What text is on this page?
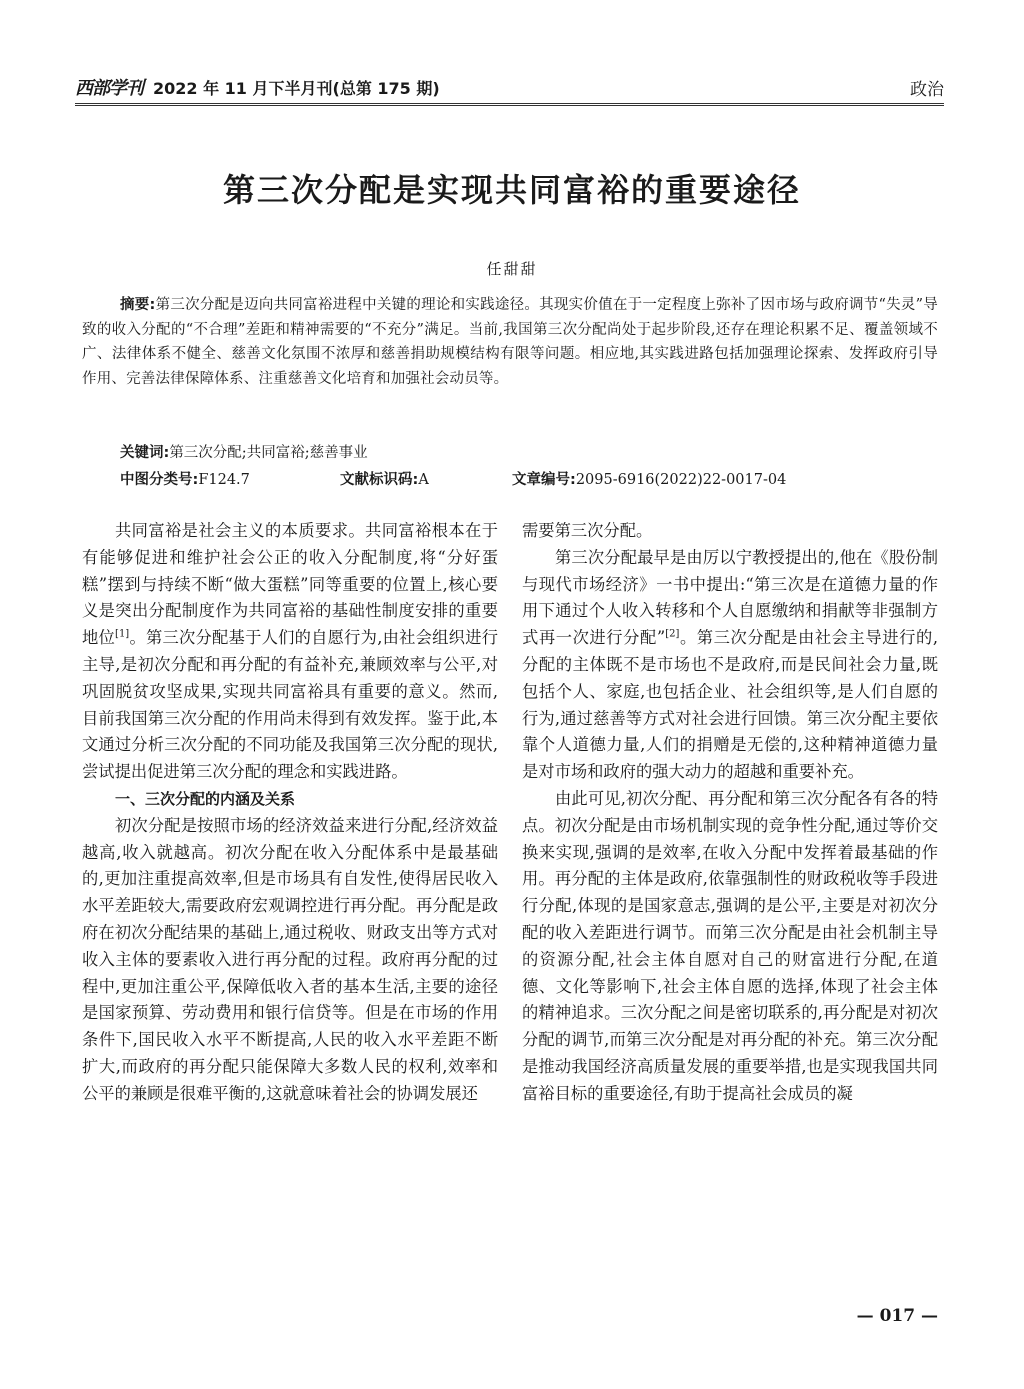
西部学刊 2022 年 11 月下半月刊(总第 175 期)	政治
第三次分配是实现共同富裕的重要途径
任甜甜
摘要:第三次分配是迈向共同富裕进程中关键的理论和实践途径。其现实价值在于一定程度上弥补了因市场与政府调节“失灵”导致的收入分配的“不合理”差距和精神需要的“不充分”满足。当前,我国第三次分配尚处于起步阶段,还存在理论积累不足、覆盖领域不广、法律体系不健全、慈善文化氛围不浓厚和慈善捐助规模结构有限等问题。相应地,其实践进路包括加强理论探索、发挥政府引导作用、完善法律保障体系、注重慈善文化培育和加强社会动员等。
关键词:第三次分配;共同富裕;慈善事业
中图分类号:F124.7	文献标识码:A	文章编号:2095-6916(2022)22-0017-04

共同富裕是社会主义的本质要求。共同富裕根本在于有能够促进和维护社会公正的收入分配制度,将“分好蛋糕”摆到与持续不断“做大蛋糕”同等重要的位置上,核心要义是突出分配制度作为共同富裕的基础性制度安排的重要地位[1]。第三次分配基于人们的自愿行为,由社会组织进行主导,是初次分配和再分配的有益补充,兼顾效率与公平,对巩固脱贫攻坚成果,实现共同富裕具有重要的意义。然而,目前我国第三次分配的作用尚未得到有效发挥。鉴于此,本文通过分析三次分配的不同功能及我国第三次分配的现状,尝试提出促进第三次分配的理念和实践进路。

一、三次分配的内涵及关系

初次分配是按照市场的经济效益来进行分配,经济效益越高,收入就越高。初次分配在收入分配体系中是最基础的,更加注重提高效率,但是市场具有自发性,使得居民收入水平差距较大,需要政府宏观调控进行再分配。再分配是政府在初次分配结果的基础上,通过税收、财政支出等方式对收入主体的要素收入进行再分配的过程。政府再分配的过程中,更加注重公平,保障低收入者的基本生活,主要的途径是国家预算、劳动费用和银行信贷等。但是在市场的作用条件下,国民收入水平不断提高,人民的收入水平差距不断扩大,而政府的再分配只能保障大多数人民的权利,效率和公平的兼顾是很难平衡的,这就意味着社会的协调发展还

需要第三次分配。

第三次分配最早是由厉以宁教授提出的,他在《股份制与现代市场经济》一书中提出:“第三次是在道德力量的作用下通过个人收入转移和个人自愿缴纳和捐献等非强制方式再一次进行分配”[2]。第三次分配是由社会主导进行的,分配的主体既不是市场也不是政府,而是民间社会力量,既包括个人、家庭,也包括企业、社会组织等,是人们自愿的行为,通过慈善等方式对社会进行回馈。第三次分配主要依靠个人道德力量,人们的捐赠是无偿的,这种精神道德力量是对市场和政府的强大动力的超越和重要补充。

由此可见,初次分配、再分配和第三次分配各有各的特点。初次分配是由市场机制实现的竞争性分配,通过等价交换来实现,强调的是效率,在收入分配中发挥着最基础的作用。再分配的主体是政府,依靠强制性的财政税收等手段进行分配,体现的是国家意志,强调的是公平,主要是对初次分配的收入差距进行调节。而第三次分配是由社会机制主导的资源分配,社会主体自愿对自己的财富进行分配,在道德、文化等影响下,社会主体自愿的选择,体现了社会主体的精神追求。三次分配之间是密切联系的,再分配是对初次分配的调节,而第三次分配是对再分配的补充。第三次分配是推动我国经济高质量发展的重要举措,也是实现我国共同富裕目标的重要途径,有助于提高社会成员的凝

— 017 —
